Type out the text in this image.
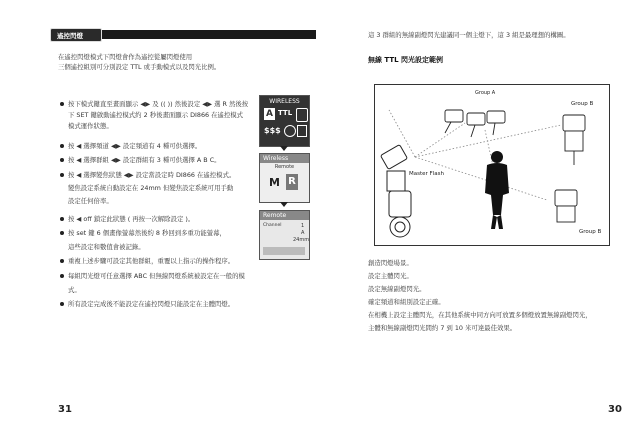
遙控閃燈
在遙控閃燈模式下閃燈會作為遙控從屬閃燈使用
三個遙控組別可分別設定 TTL 或手動模式以及閃光比例。
按下模式鍵直至畫面顯示 ◀▶ 及 (( )) 然後設定 ◀▶ 選 R 然後按
下 SET 鍵啟動遙控模式約 2 秒後畫面顯示 DI866 在遙控模式
模式運作狀態。
按 ◀ 選擇頻道 ◀▶ 設定頻道有 4 種可供選擇。
按 ◀ 選擇群組 ◀▶ 設定群組有 3 種可供選擇 A B C。
按 ◀ 選擇變焦狀態 ◀▶ 設定當設定時 DI866 在遙控模式。
變焦設定系統自動設定在 24mm 但變焦設定系統可用手動
設定任何倍率。
按 ◀ off 鎖定此狀態 ( 再按一次解除設定 )。
按 set 鍵 6 個畫像螢幕然後約 8 秒回到多重功能螢幕，
這些設定和數值會被記錄。
重複上述步驟可設定其他群組，重覆以上指示的操作程序。
每組閃光燈可任意選擇 ABC 但無線閃燈系統被設定在一般的模
式。
所有設定完成後不能設定在遙控閃燈只能設定在主體閃燈。
WIRELESS
A TTL
$$$
Wireless
Remote
M R
Remote
Channel	1
A
24mm
31
這 3 群組的無線副燈閃光建議同一個主燈下，這 3 組是最理想的構圖。
無線 TTL 閃光設定範例
Group A
Group B
Group B
Master Flash
創造閃燈場景。
設定主體閃光。
設定無線副燈閃光。
確定頻道和組別設定正確。
在相機上設定主體閃光，在其他系統中同方向可放置多個燈放置無線副燈閃光，
主體和無線副燈閃光間約 7 到 10 米可達最佳效果。
30
